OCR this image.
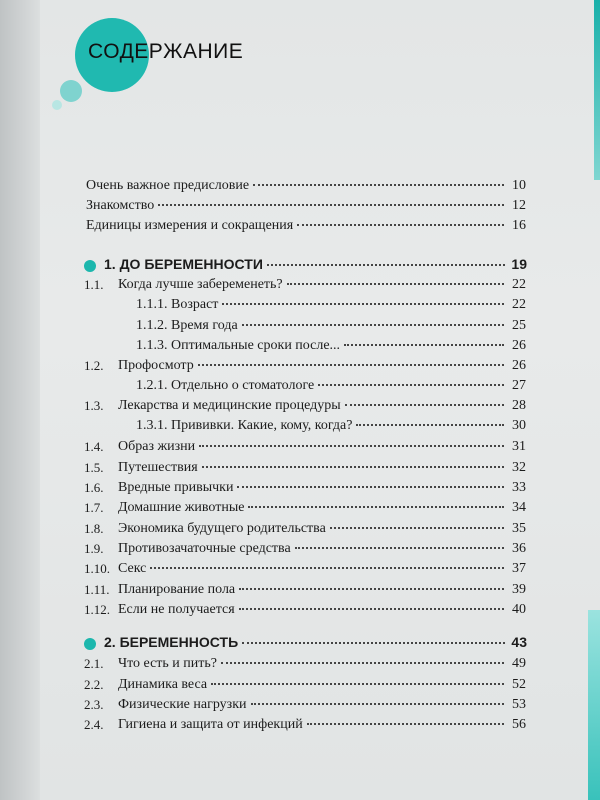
СОДЕРЖАНИЕ
Очень важное предисловие	10
Знакомство	12
Единицы измерения и сокращения	16
1. ДО БЕРЕМЕННОСТИ	19
1.1. Когда лучше забеременеть?	22
1.1.1. Возраст	22
1.1.2. Время года	25
1.1.3. Оптимальные сроки после...	26
1.2. Профосмотр	26
1.2.1. Отдельно о стоматологе	27
1.3. Лекарства и медицинские процедуры	28
1.3.1. Прививки. Какие, кому, когда?	30
1.4. Образ жизни	31
1.5. Путешествия	32
1.6. Вредные привычки	33
1.7. Домашние животные	34
1.8. Экономика будущего родительства	35
1.9. Противозачаточные средства	36
1.10. Секс	37
1.11. Планирование пола	39
1.12. Если не получается	40
2. БЕРЕМЕННОСТЬ	43
2.1. Что есть и пить?	49
2.2. Динамика веса	52
2.3. Физические нагрузки	53
2.4. Гигиена и защита от инфекций	56
